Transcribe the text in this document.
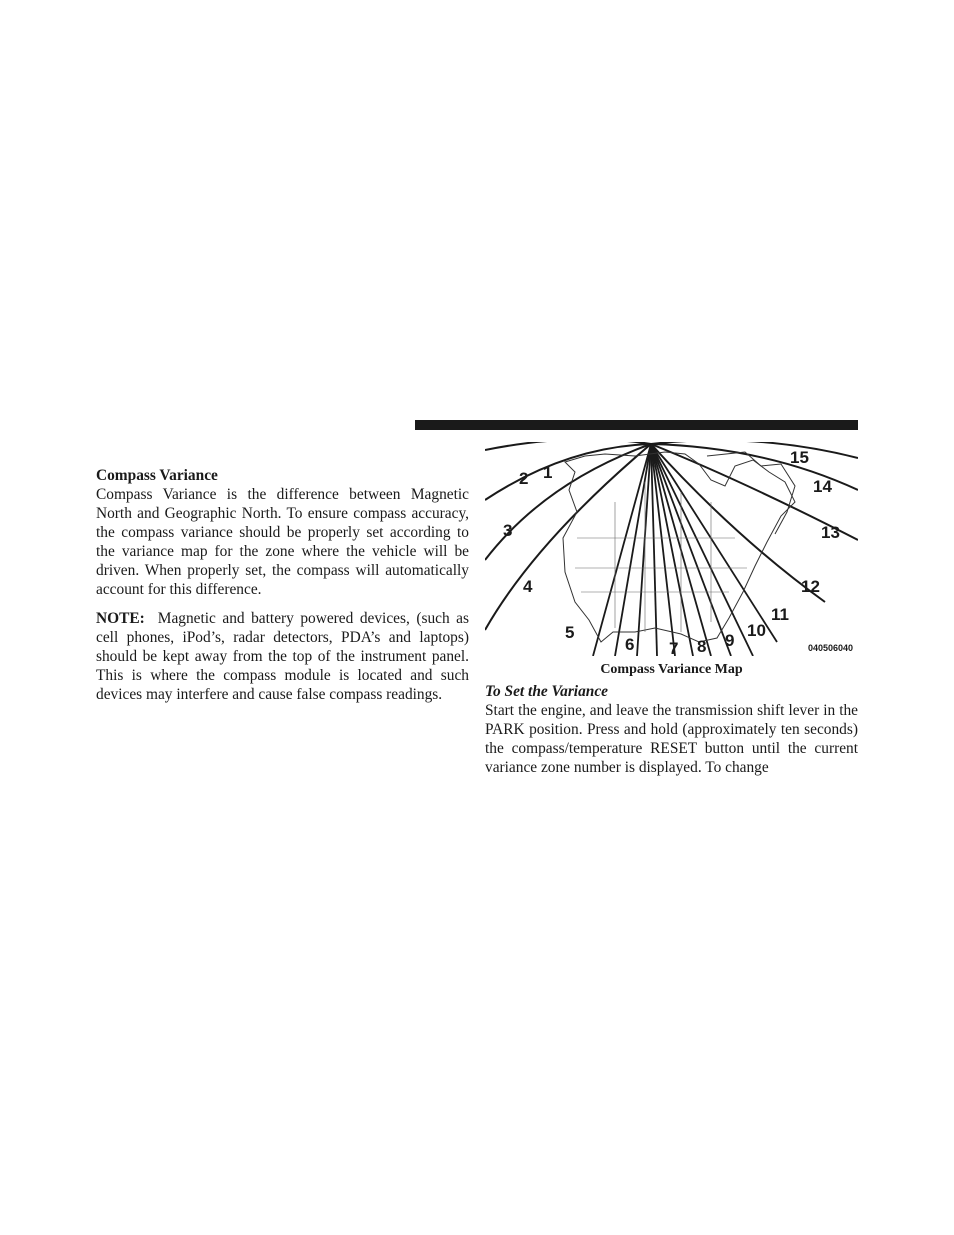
Compass Variance

Compass Variance is the difference between Magnetic North and Geographic North. To ensure compass accuracy, the compass variance should be properly set according to the variance map for the zone where the vehicle will be driven. When properly set, the compass will automatically account for this difference.

NOTE: Magnetic and battery powered devices, (such as cell phones, iPod’s, radar detectors, PDA’s and laptops) should be kept away from the top of the instrument panel. This is where the compass module is located and such devices may interfere and cause false compass readings.

1
2
3
4
5
6 7 8 9
10
11
12
13
14
15
040506040
Compass Variance Map

To Set the Variance

Start the engine, and leave the transmission shift lever in the PARK position. Press and hold (approximately ten seconds) the compass/temperature RESET button until the current variance zone number is displayed. To change
